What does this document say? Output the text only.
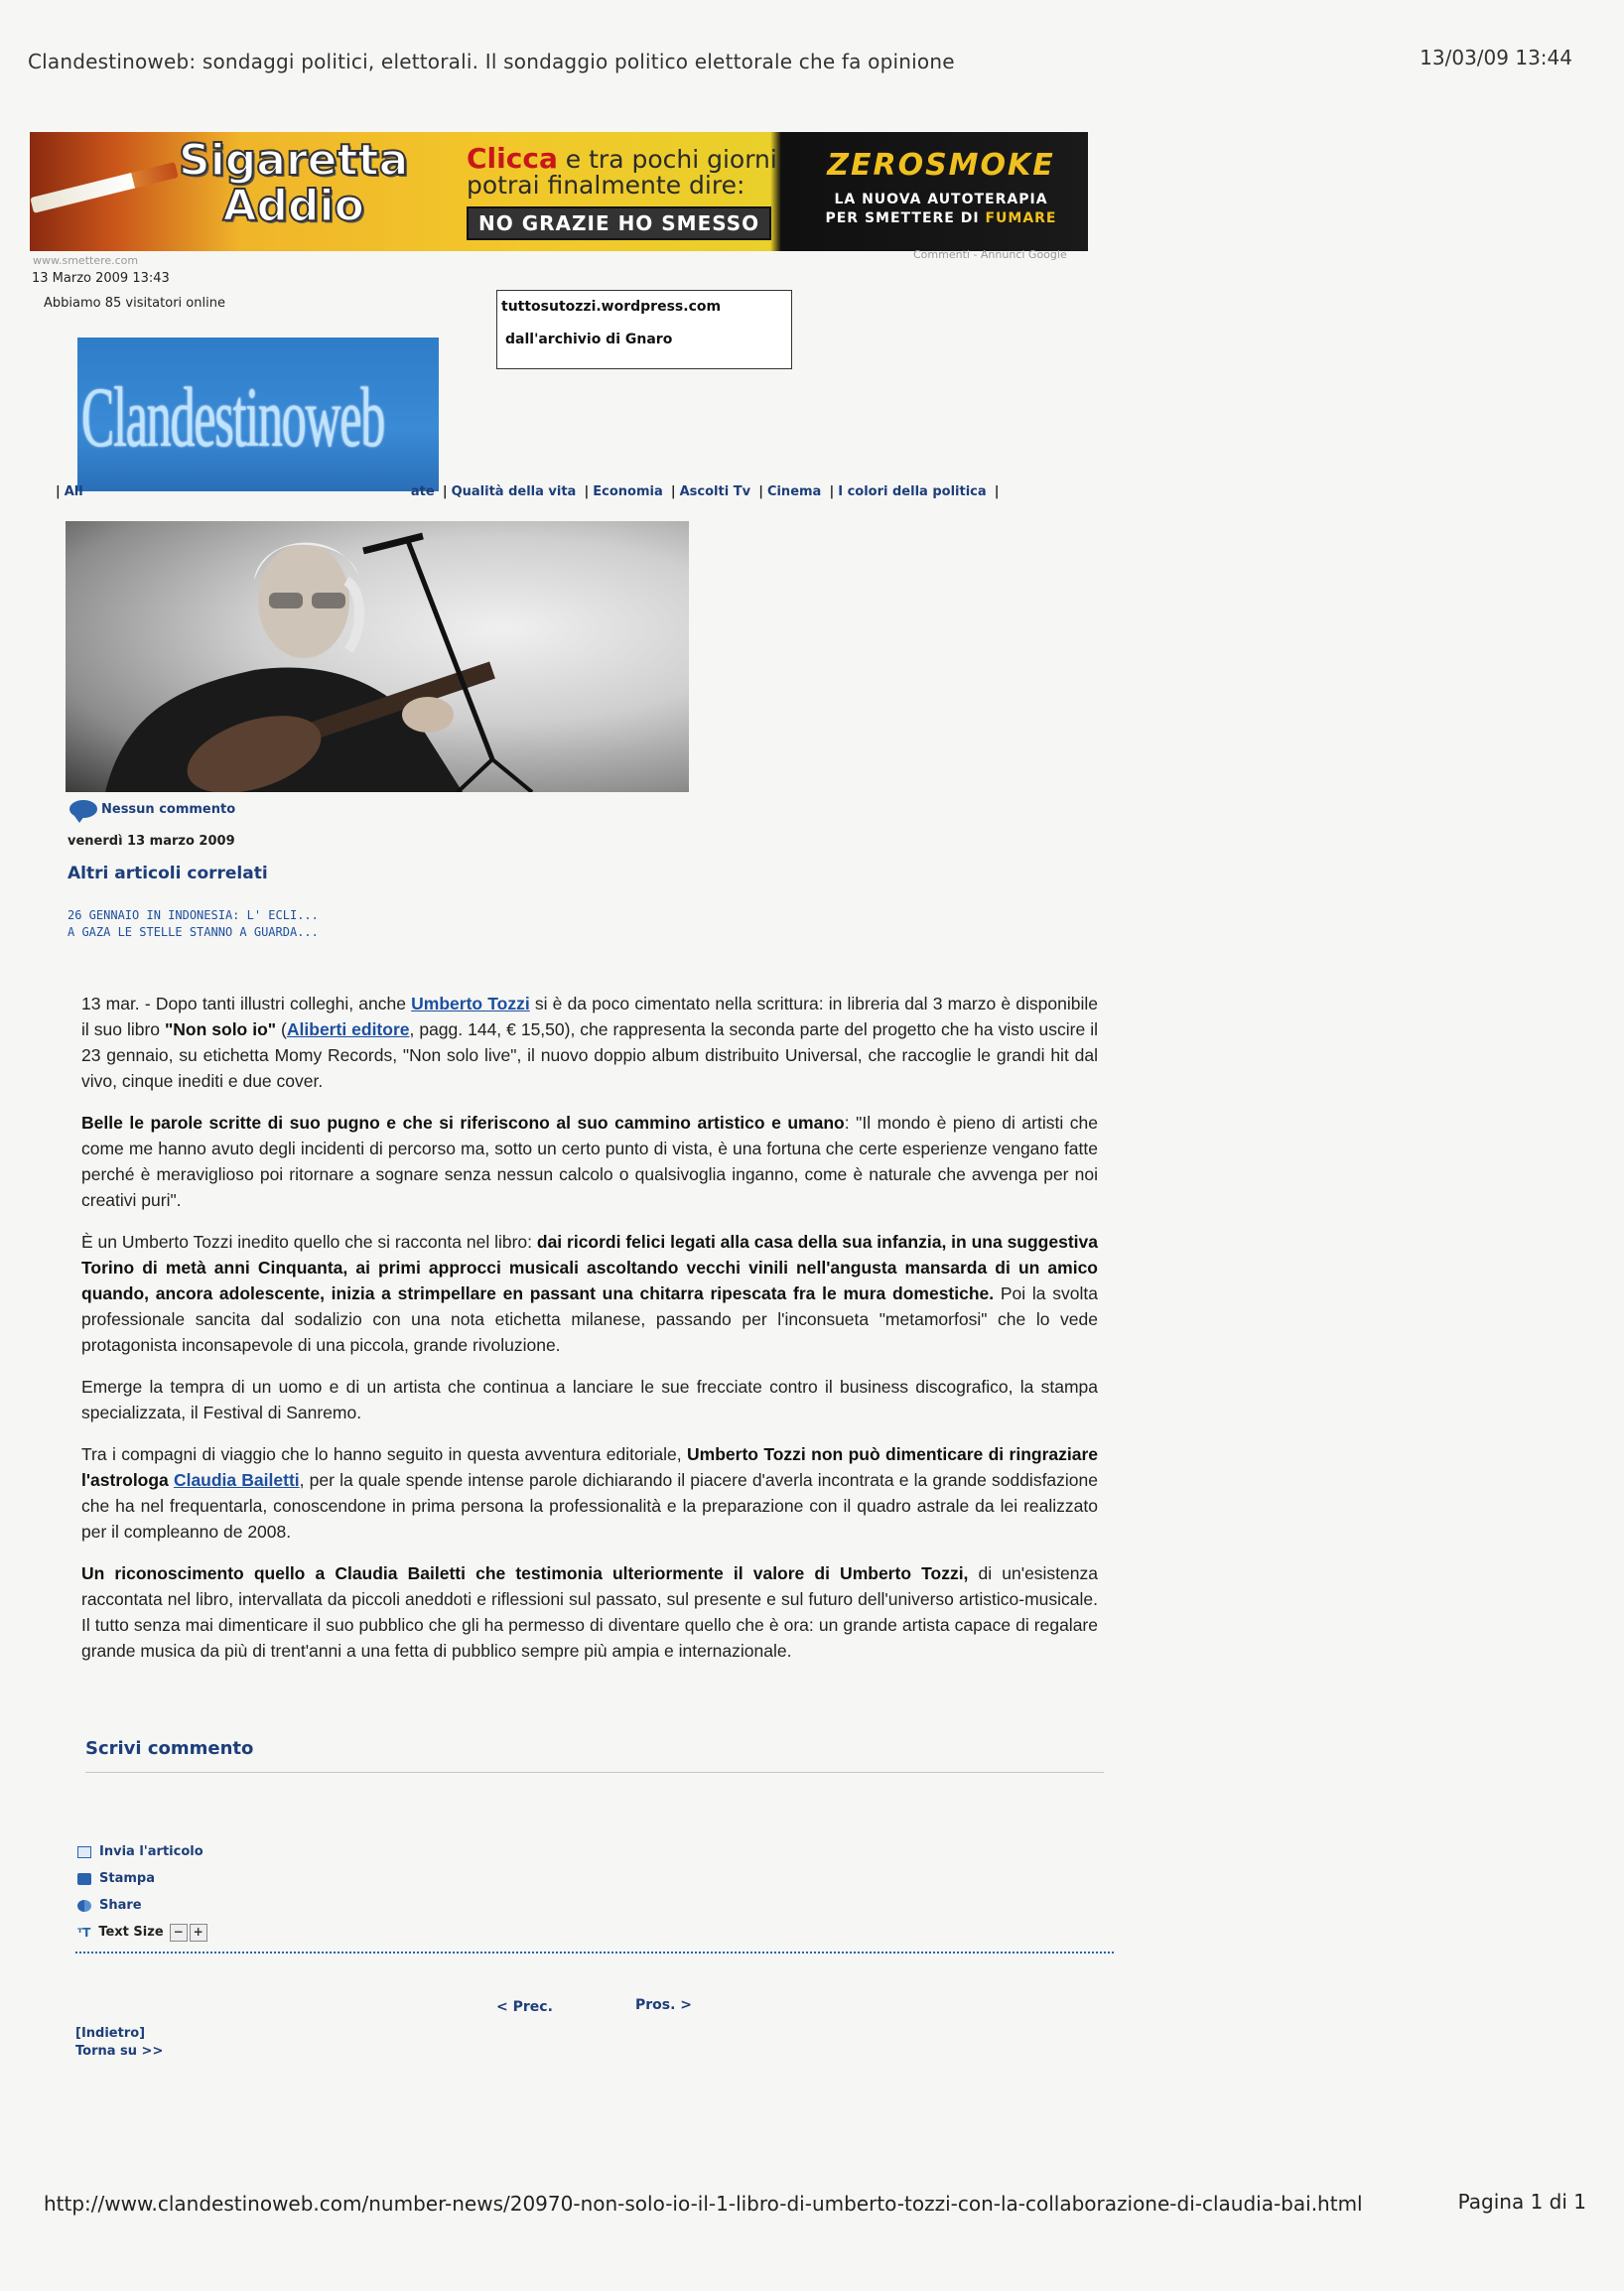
Clandestinoweb: sondaggi politici, elettorali. Il sondaggio politico elettorale che fa opinione	13/03/09 13:44
Sigaretta
Addio
Clicca e tra pochi giorni
potrai finalmente dire:
NO GRAZIE HO SMESSO
ZEROSMOKE
LA NUOVA AUTOTERAPIA
PER SMETTERE DI FUMARE
www.smettere.com	Commenti - Annunci Google
13 Marzo 2009 13:43
Abbiamo 85 visitatori online	tuttosutozzi.wordpress.com
dall'archivio di Gnaro
Clandestinoweb
| All	ate | Qualità della vita | Economia | Ascolti Tv | Cinema | I colori della politica |
Nessun commento
venerdì 13 marzo 2009
Altri articoli correlati
26 GENNAIO IN INDONESIA: L' ECLI...
A GAZA LE STELLE STANNO A GUARDA...

13 mar. - Dopo tanti illustri colleghi, anche Umberto Tozzi si è da poco cimentato nella scrittura: in libreria dal 3 marzo è disponibile il suo libro "Non solo io" (Aliberti editore, pagg. 144, € 15,50), che rappresenta la seconda parte del progetto che ha visto uscire il 23 gennaio, su etichetta Momy Records, "Non solo live", il nuovo doppio album distribuito Universal, che raccoglie le grandi hit dal vivo, cinque inediti e due cover.

Belle le parole scritte di suo pugno e che si riferiscono al suo cammino artistico e umano: "Il mondo è pieno di artisti che come me hanno avuto degli incidenti di percorso ma, sotto un certo punto di vista, è una fortuna che certe esperienze vengano fatte perché è meraviglioso poi ritornare a sognare senza nessun calcolo o qualsivoglia inganno, come è naturale che avvenga per noi creativi puri".

È un Umberto Tozzi inedito quello che si racconta nel libro: dai ricordi felici legati alla casa della sua infanzia, in una suggestiva Torino di metà anni Cinquanta, ai primi approcci musicali ascoltando vecchi vinili nell'angusta mansarda di un amico quando, ancora adolescente, inizia a strimpellare en passant una chitarra ripescata fra le mura domestiche. Poi la svolta professionale sancita dal sodalizio con una nota etichetta milanese, passando per l'inconsueta "metamorfosi" che lo vede protagonista inconsapevole di una piccola, grande rivoluzione.

Emerge la tempra di un uomo e di un artista che continua a lanciare le sue frecciate contro il business discografico, la stampa specializzata, il Festival di Sanremo.

Tra i compagni di viaggio che lo hanno seguito in questa avventura editoriale, Umberto Tozzi non può dimenticare di ringraziare l'astrologa Claudia Bailetti, per la quale spende intense parole dichiarando il piacere d'averla incontrata e la grande soddisfazione che ha nel frequentarla, conoscendone in prima persona la professionalità e la preparazione con il quadro astrale da lei realizzato per il compleanno de 2008.

Un riconoscimento quello a Claudia Bailetti che testimonia ulteriormente il valore di Umberto Tozzi, di un'esistenza raccontata nel libro, intervallata da piccoli aneddoti e riflessioni sul passato, sul presente e sul futuro dell'universo artistico-musicale. Il tutto senza mai dimenticare il suo pubblico che gli ha permesso di diventare quello che è ora: un grande artista capace di regalare grande musica da più di trent'anni a una fetta di pubblico sempre più ampia e internazionale.

Scrivi commento
Invia l'articolo
Stampa
Share
ᵀT Text Size − +
< Prec.	Pros. >
[Indietro]
Torna su >>
http://www.clandestinoweb.com/number-news/20970-non-solo-io-il-1-libro-di-umberto-tozzi-con-la-collaborazione-di-claudia-bai.html	Pagina 1 di 1
